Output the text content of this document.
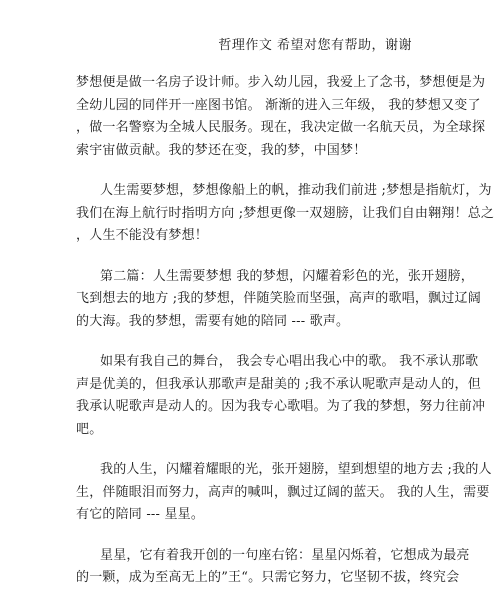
哲理作文 希望对您有帮助，谢谢
梦想便是做一名房子设计师。步入幼儿园，我爱上了念书，梦想便是为
全幼儿园的同伴开一座图书馆。 渐渐的进入三年级， 我的梦想又变了
，做一名警察为全城人民服务。现在，我决定做一名航天员，为全球探
索宇宙做贡献。我的梦还在变，我的梦，中国梦！
人生需要梦想，梦想像船上的帆，推动我们前进 ;梦想是指航灯，为
我们在海上航行时指明方向 ;梦想更像一双翅膀，让我们自由翱翔！总之
，人生不能没有梦想！
第二篇：人生需要梦想 我的梦想，闪耀着彩色的光，张开翅膀，
飞到想去的地方 ;我的梦想，伴随笑脸而坚强，高声的歌唱，飘过辽阔
的大海。我的梦想，需要有她的陪同 --- 歌声。
如果有我自己的舞台， 我会专心唱出我心中的歌。 我不承认那歌
声是优美的，但我承认那歌声是甜美的 ;我不承认呢歌声是动人的，但
我承认呢歌声是动人的。因为我专心歌唱。为了我的梦想，努力往前冲
吧。
我的人生，闪耀着耀眼的光，张开翅膀，望到想望的地方去 ;我的人
生，伴随眼泪而努力，高声的喊叫，飘过辽阔的蓝天。 我的人生，需要
有它的陪同 --- 星星。
星星，它有着我开创的一句座右铭：星星闪烁着，它想成为最亮
的一颗，成为至高无上的”王“。只需它努力，它坚韧不拔，终究会
